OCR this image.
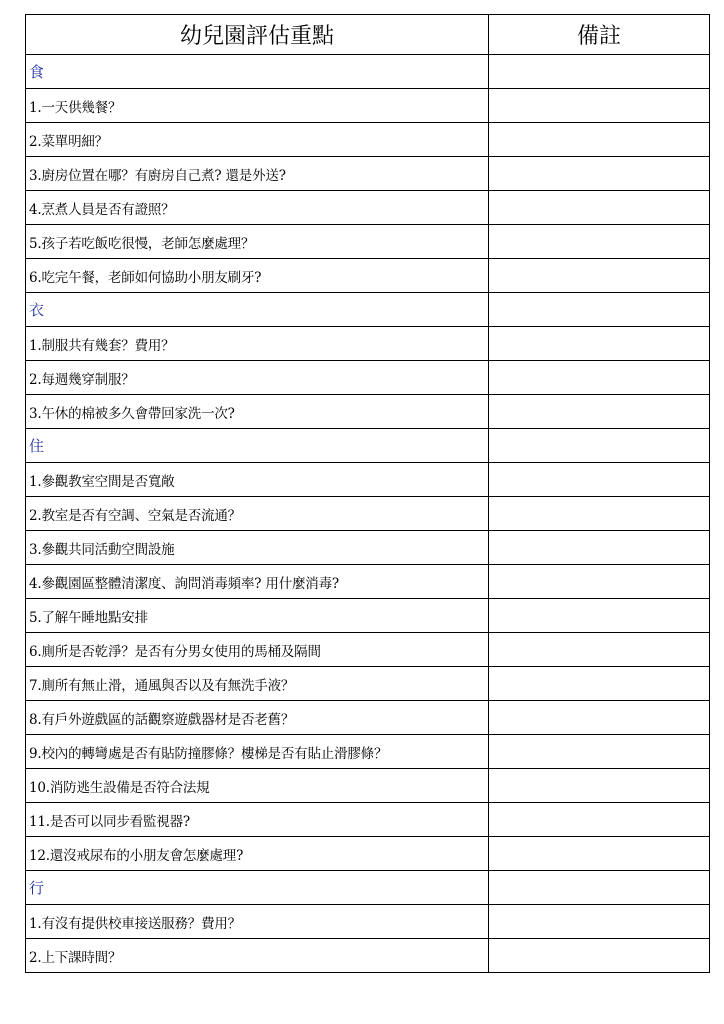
幼兒園評估重點	備註
食	
1.一天供幾餐？	
2.菜單明細？	
3.廚房位置在哪？有廚房自己煮? 還是外送?	
4.烹煮人員是否有證照？	
5.孩子若吃飯吃很慢，老師怎麼處理？	
6.吃完午餐，老師如何協助小朋友刷牙?	
衣	
1.制服共有幾套？費用？	
2.每週幾穿制服？	
3.午休的棉被多久會帶回家洗一次?	
住	
1.參觀教室空間是否寬敞	
2.教室是否有空調、空氣是否流通？	
3.參觀共同活動空間設施	
4.參觀園區整體清潔度、詢問消毒頻率? 用什麼消毒?	
5.了解午睡地點安排	
6.廁所是否乾淨？是否有分男女使用的馬桶及隔間	
7.廁所有無止滑，通風與否以及有無洗手液？	
8.有戶外遊戲區的話觀察遊戲器材是否老舊？	
9.校內的轉彎處是否有貼防撞膠條？樓梯是否有貼止滑膠條？	
10.消防逃生設備是否符合法規	
11.是否可以同步看監視器?	
12.還沒戒尿布的小朋友會怎麼處理?	
行	
1.有沒有提供校車接送服務？費用？	
2.上下課時間？	
